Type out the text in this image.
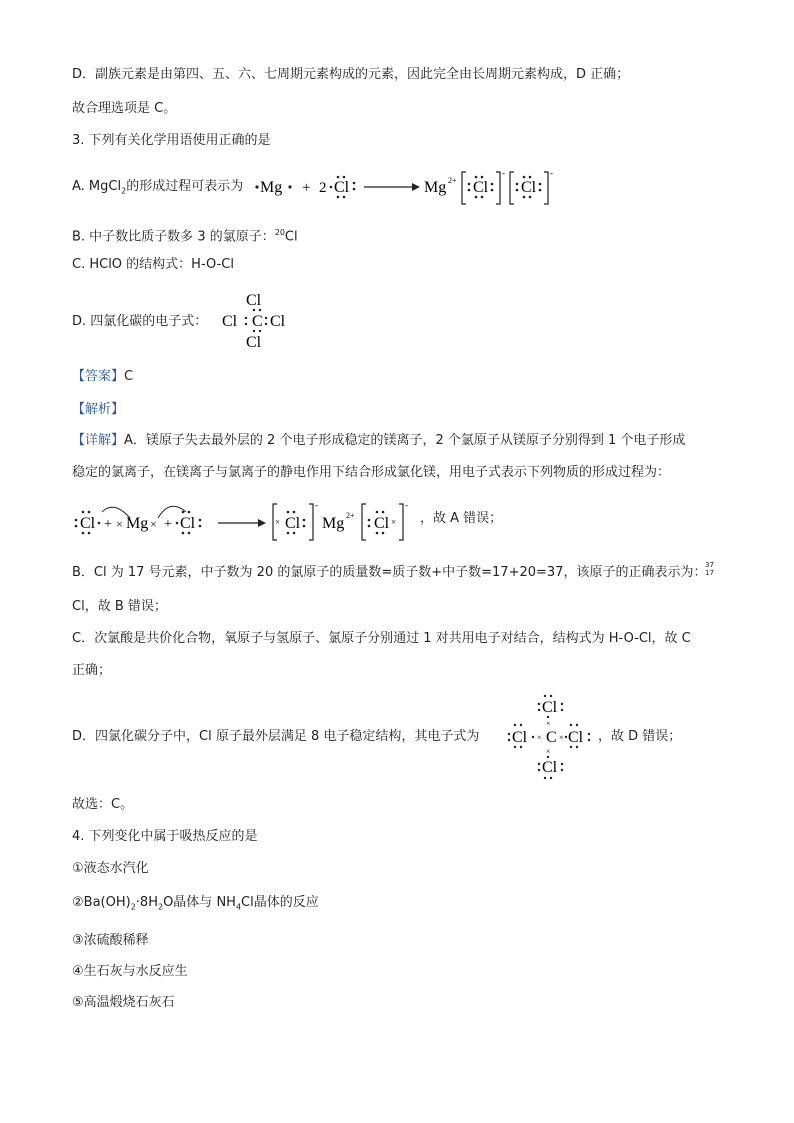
D．副族元素是由第四、五、六、七周期元素构成的元素，因此完全由长周期元素构成，D 正确；
故合理选项是 C。
3. 下列有关化学用语使用正确的是
A. MgCl$_2$的形成过程可表示为 Mg + 2 Cl	Mg 2+ Cl
-
Cl
-
B. 中子数比质子数多 3 的氯原子：$^{20}$Cl
C. HClO 的结构式：H-O-Cl
D. 四氯化碳的电子式：
Cl
Cl C Cl
Cl
【答案】C
【解析】
【详解】A．镁原子失去最外层的 2 个电子形成稳定的镁离子，2 个氯原子从镁原子分别得到 1 个电子形成
稳定的氯离子，在镁离子与氯离子的静电作用下结合形成氯化镁，用电子式表示下列物质的形成过程为：
Cl + × Mg × + Cl	Cl
×
-
Mg 2+ Cl ×
-
，故 A 错误；
B．Cl 为 17 号元素，中子数为 20 的氯原子的质量数=质子数+中子数=17+20=37，该原子的正确表示为：
37
17
Cl，故 B 错误；
C．次氯酸是共价化合物，氧原子与氢原子、氯原子分别通过 1 对共用电子对结合，结构式为 H-O-Cl，故 C
正确；
D．四氯化碳分子中，Cl 原子最外层满足 8 电子稳定结构，其电子式为
Cl
Cl C Cl
Cl
×
× ×
×
，故 D 错误；
故选：C。
4. 下列变化中属于吸热反应的是
①液态水汽化
$②Ba(OH)_2\cdot 8H_2O$晶体与 $NH_4Cl$晶体的反应
③浓硫酸稀释
④生石灰与水反应生
⑤高温煅烧石灰石
